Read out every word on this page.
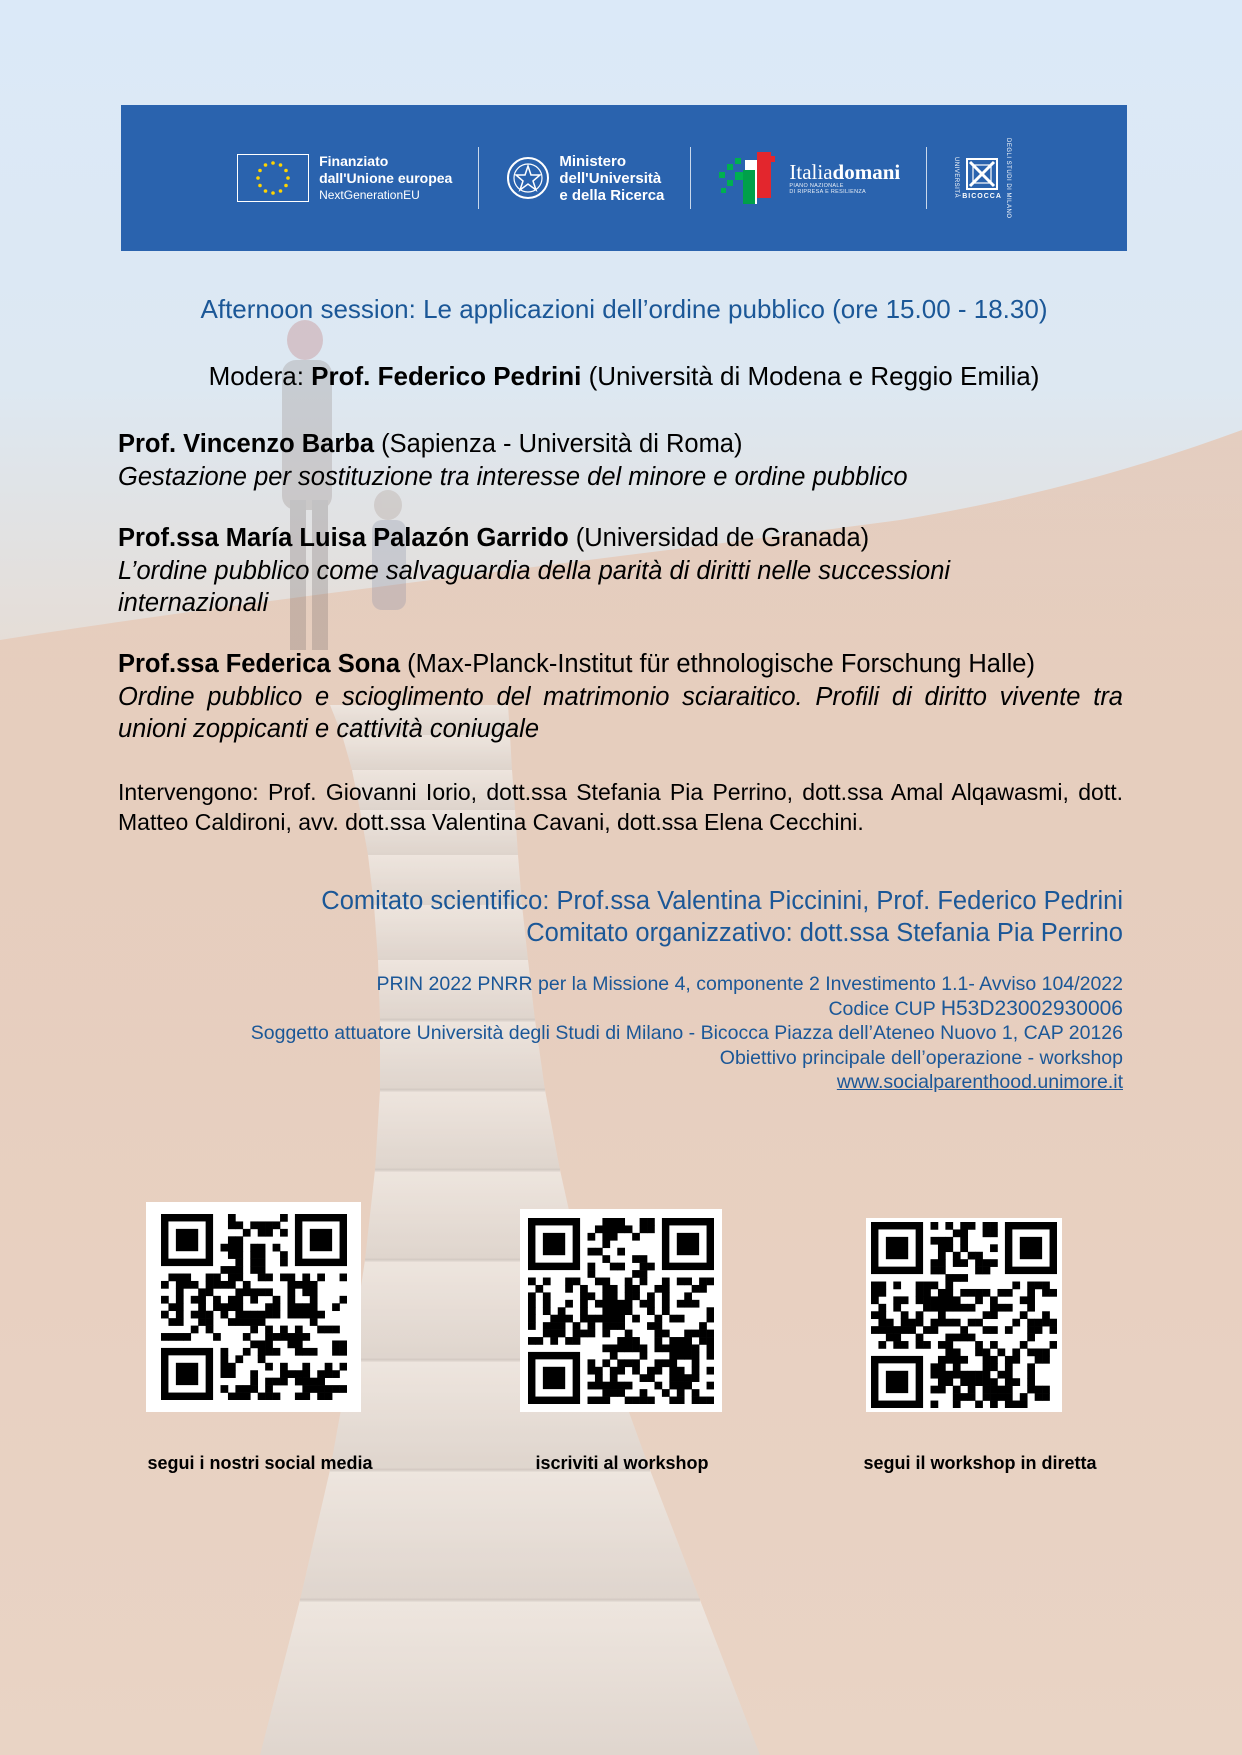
Finanziato
dall'Unione europea
NextGenerationEU
Ministero
dell'Università
e della Ricerca
Italiadomani
PIANO NAZIONALE
DI RIPRESA E RESILIENZA	UNIVERSITÀ BICOCCA DEGLI STUDI DI MILANO
Afternoon session: Le applicazioni dell’ordine pubblico (ore 15.00 - 18.30)
Modera: Prof. Federico Pedrini (Università di Modena e Reggio Emilia)
Prof. Vincenzo Barba (Sapienza - Università di Roma)
Gestazione per sostituzione tra interesse del minore e ordine pubblico
Prof.ssa María Luisa Palazón Garrido (Universidad de Granada)
L’ordine pubblico come salvaguardia della parità di diritti nelle successioni internazionali
Prof.ssa Federica Sona (Max-Planck-Institut für ethnologische Forschung Halle)
Ordine pubblico e scioglimento del matrimonio sciaraitico. Profili di diritto vivente tra unioni zoppicanti e cattività coniugale
Intervengono: Prof. Giovanni Iorio, dott.ssa Stefania Pia Perrino, dott.ssa Amal Alqawasmi, dott. Matteo Caldironi, avv. dott.ssa Valentina Cavani, dott.ssa Elena Cecchini.
Comitato scientifico: Prof.ssa Valentina Piccinini, Prof. Federico Pedrini
Comitato organizzativo: dott.ssa Stefania Pia Perrino
PRIN 2022 PNRR per la Missione 4, componente 2 Investimento 1.1- Avviso 104/2022
Codice CUP H53D23002930006
Soggetto attuatore Università degli Studi di Milano - Bicocca Piazza dell’Ateneo Nuovo 1, CAP 20126
Obiettivo principale dell’operazione - workshop
www.socialparenthood.unimore.it
segui i nostri social media	iscriviti al workshop	segui il workshop in diretta
